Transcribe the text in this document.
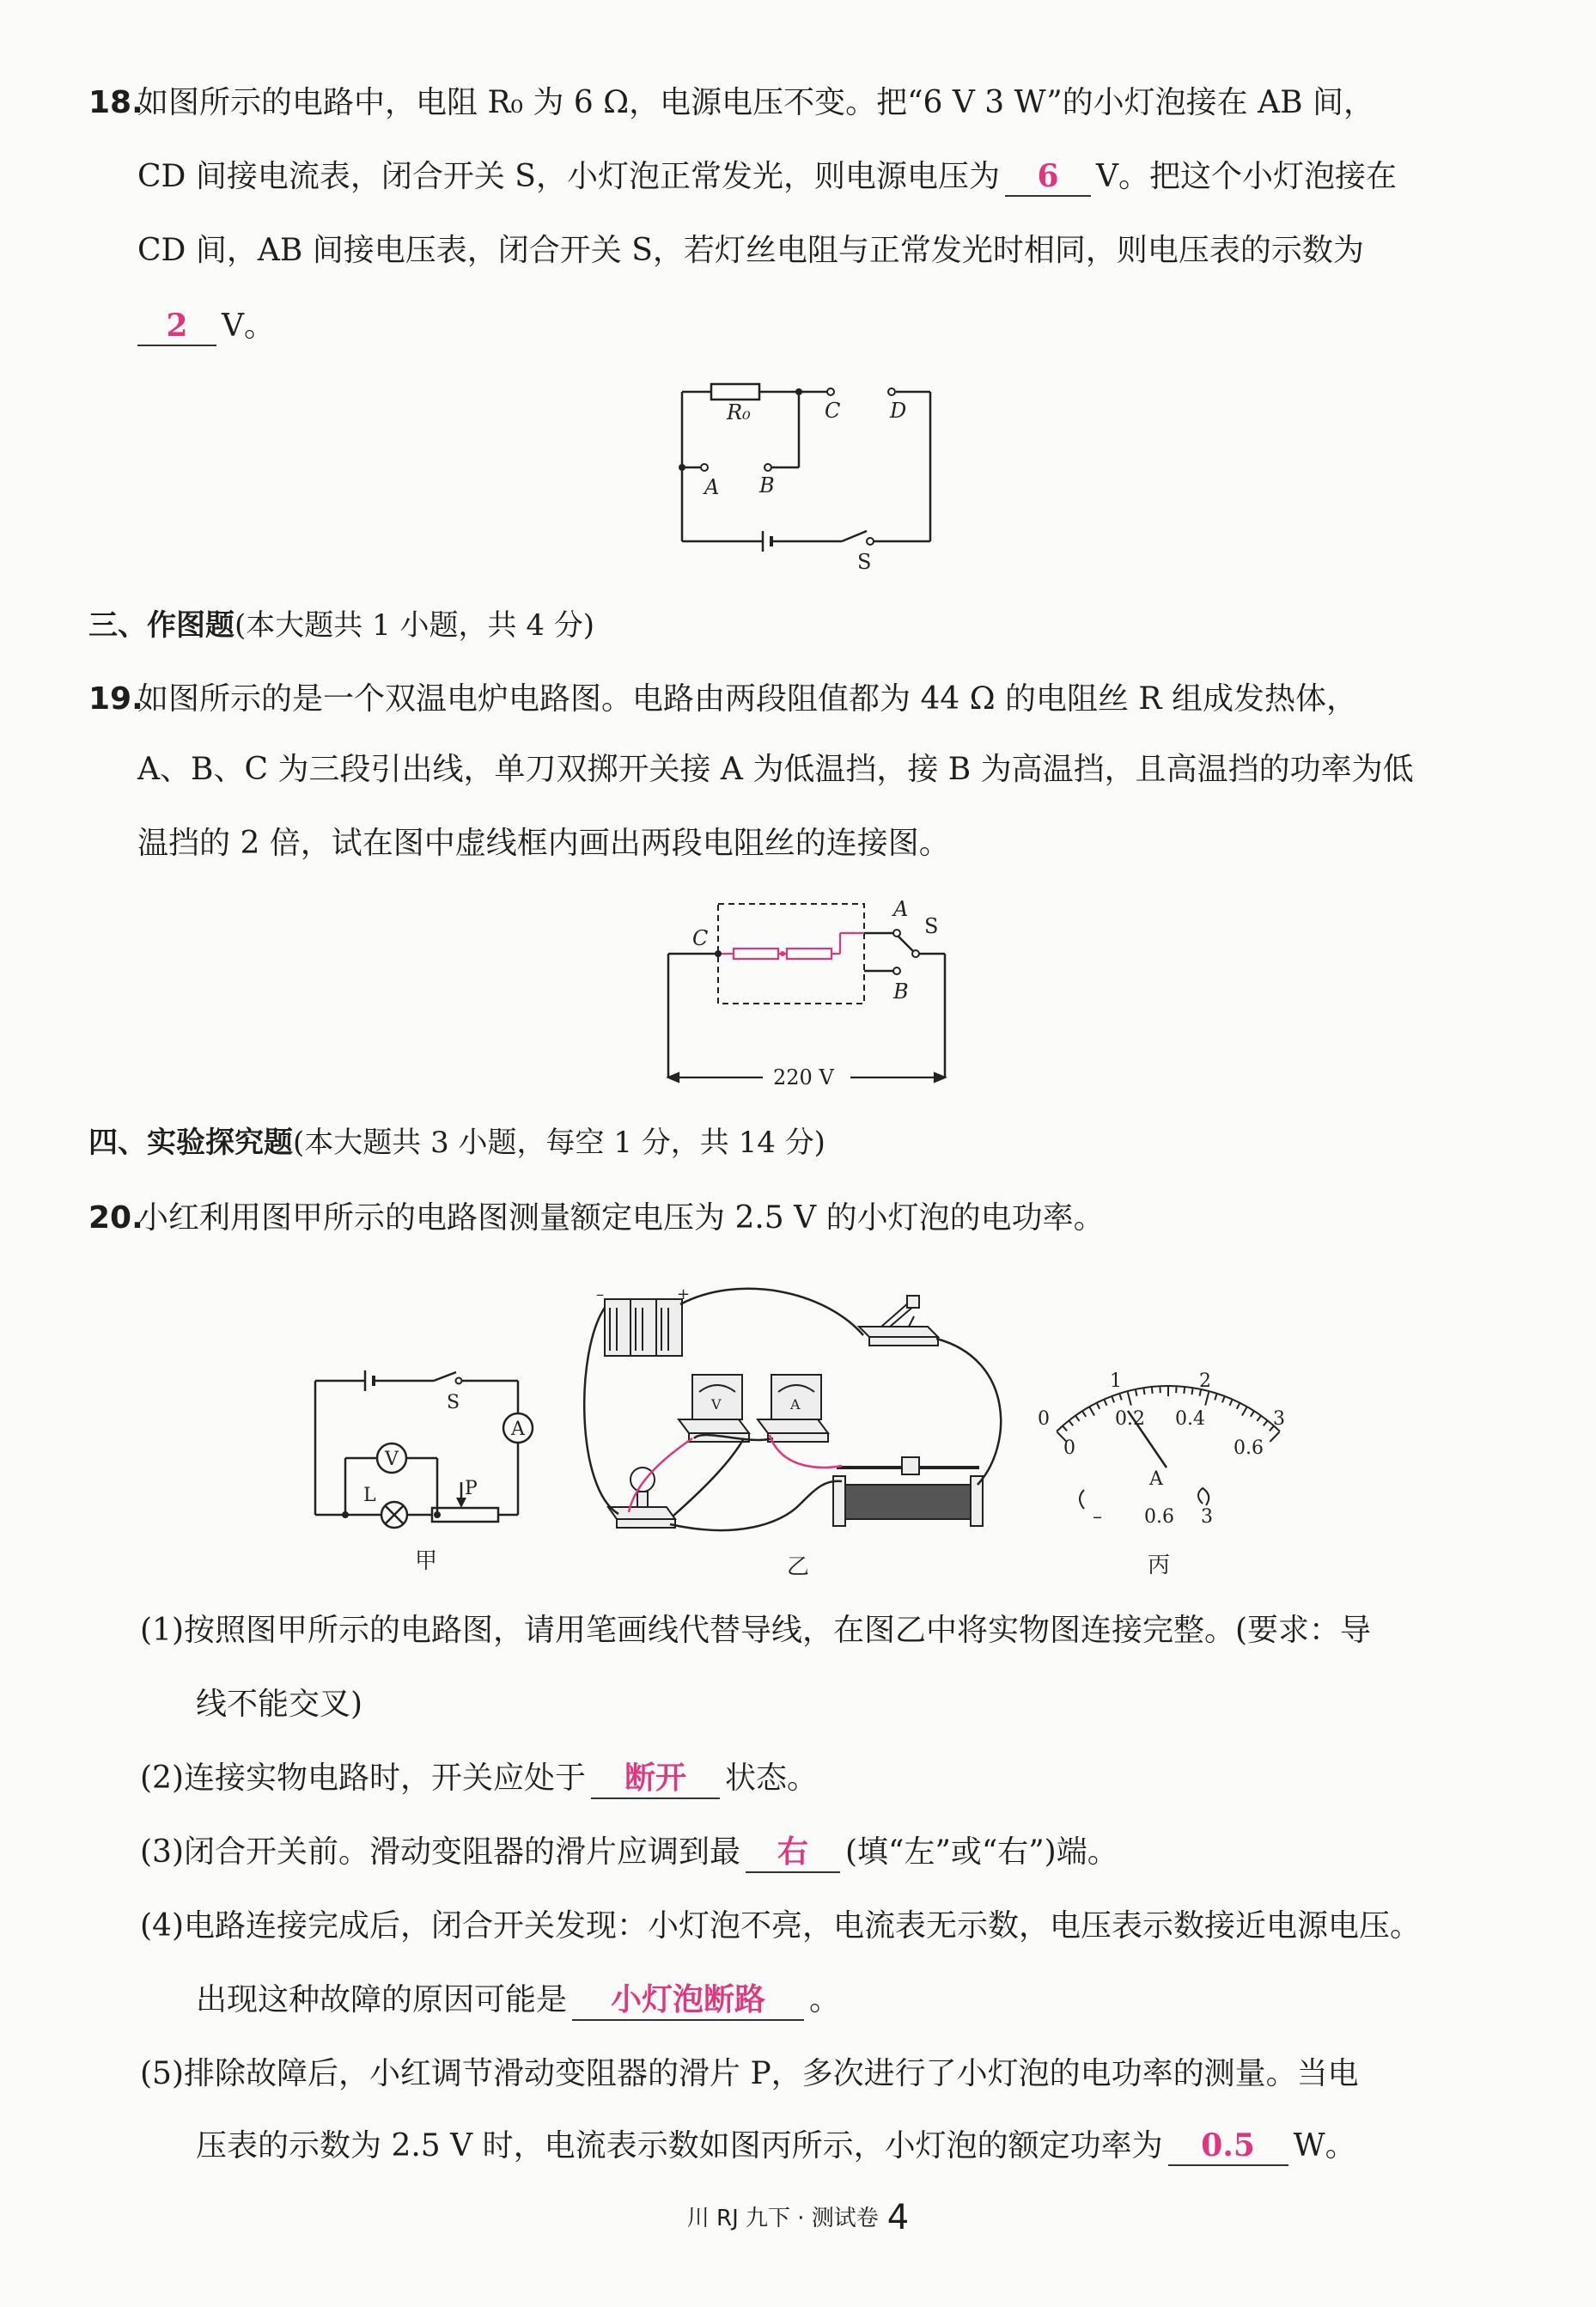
18.
如图所示的电路中，电阻 R₀ 为 6 Ω，电源电压不变。把“6 V 3 W”的小灯泡接在 AB 间，
CD 间接电流表，闭合开关 S，小灯泡正常发光，则电源电压为 6 V。把这个小灯泡接在
CD 间，AB 间接电压表，闭合开关 S，若灯丝电阻与正常发光时相同，则电压表的示数为
2 V。
R₀	C D
A B
S
三、作图题(本大题共 1 小题，共 4 分)
19.
如图所示的是一个双温电炉电路图。电路由两段阻值都为 44 Ω 的电阻丝 R 组成发热体，
A、B、C 为三段引出线，单刀双掷开关接 A 为低温挡，接 B 为高温挡，且高温挡的功率为低
温挡的 2 倍，试在图中虚线框内画出两段电阻丝的连接图。
C
A
B
S
220 V
四、实验探究题(本大题共 3 小题，每空 1 分，共 14 分)
20.
小红利用图甲所示的电路图测量额定电压为 2.5 V 的小灯泡的电功率。
S
A
V
L	P
甲
–	+
V	A
乙
0
1	2
3
0
0.2 0.4
0.6
A
– 0.6 3
丙
(1)按照图甲所示的电路图，请用笔画线代替导线，在图乙中将实物图连接完整。(要求：导
线不能交叉)
(2)连接实物电路时，开关应处于 断开 状态。
(3)闭合开关前。滑动变阻器的滑片应调到最 右 (填“左”或“右”)端。
(4)电路连接完成后，闭合开关发现：小灯泡不亮，电流表无示数，电压表示数接近电源电压。
出现这种故障的原因可能是 小灯泡断路 。
(5)排除故障后，小红调节滑动变阻器的滑片 P，多次进行了小灯泡的电功率的测量。当电
压表的示数为 2.5 V 时，电流表示数如图丙所示，小灯泡的额定功率为 0.5 W。
川 RJ 九下 · 测试卷 4
